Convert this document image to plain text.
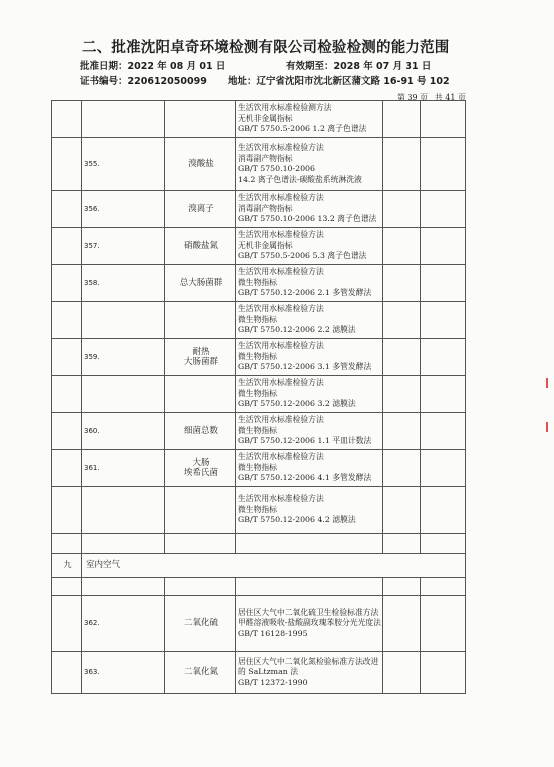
二、批准沈阳卓奇环境检测有限公司检验检测的能力范围
批准日期：2022 年 08 月 01 日	有效期至：2028 年 07 月 31 日
证书编号：220612050099 地址：辽宁省沈阳市沈北新区蒲文路 16-91 号 102
第 39 页 共 41 页

			生活饮用水标准检验测方法
无机非金属指标
GB/T 5750.5-2006 1.2 离子色谱法		

	355.	溴酸盐	生活饮用水标准检验方法
消毒副产物指标
GB/T 5750.10-2006
14.2 离子色谱法-碳酸盐系统淋洗液		

	356.	溴离子	生活饮用水标准检验方法
消毒副产物指标
GB/T 5750.10-2006 13.2 离子色谱法		

	357.	硝酸盐氮	生活饮用水标准检验方法
无机非金属指标
GB/T 5750.5-2006 5.3 离子色谱法		

	358.	总大肠菌群	生活饮用水标准检验方法
微生物指标
GB/T 5750.12-2006 2.1 多管发酵法		

			生活饮用水标准检验方法
微生物指标
GB/T 5750.12-2006 2.2 滤膜法		

	359.	耐热
大肠菌群	生活饮用水标准检验方法
微生物指标
GB/T 5750.12-2006 3.1 多管发酵法		

			生活饮用水标准检验方法
微生物指标
GB/T 5750.12-2006 3.2 滤膜法		

	360.	细菌总数	生活饮用水标准检验方法
微生物指标
GB/T 5750.12-2006 1.1 平皿计数法		

	361.	大肠
埃希氏菌	生活饮用水标准检验方法
微生物指标
GB/T 5750.12-2006 4.1 多管发酵法		

			生活饮用水标准检验方法
微生物指标
GB/T 5750.12-2006 4.2 滤膜法		

九	室内空气				

	362.	二氧化硫	居住区大气中二氧化硫卫生检验标准方法 甲醛溶液吸收-盐酸副玫瑰苯胺分光光度法
GB/T 16128-1995		

	363.	二氧化氮	居住区大气中二氧化氮检验标准方法改进的 SaLtzman 法
GB/T 12372-1990		
